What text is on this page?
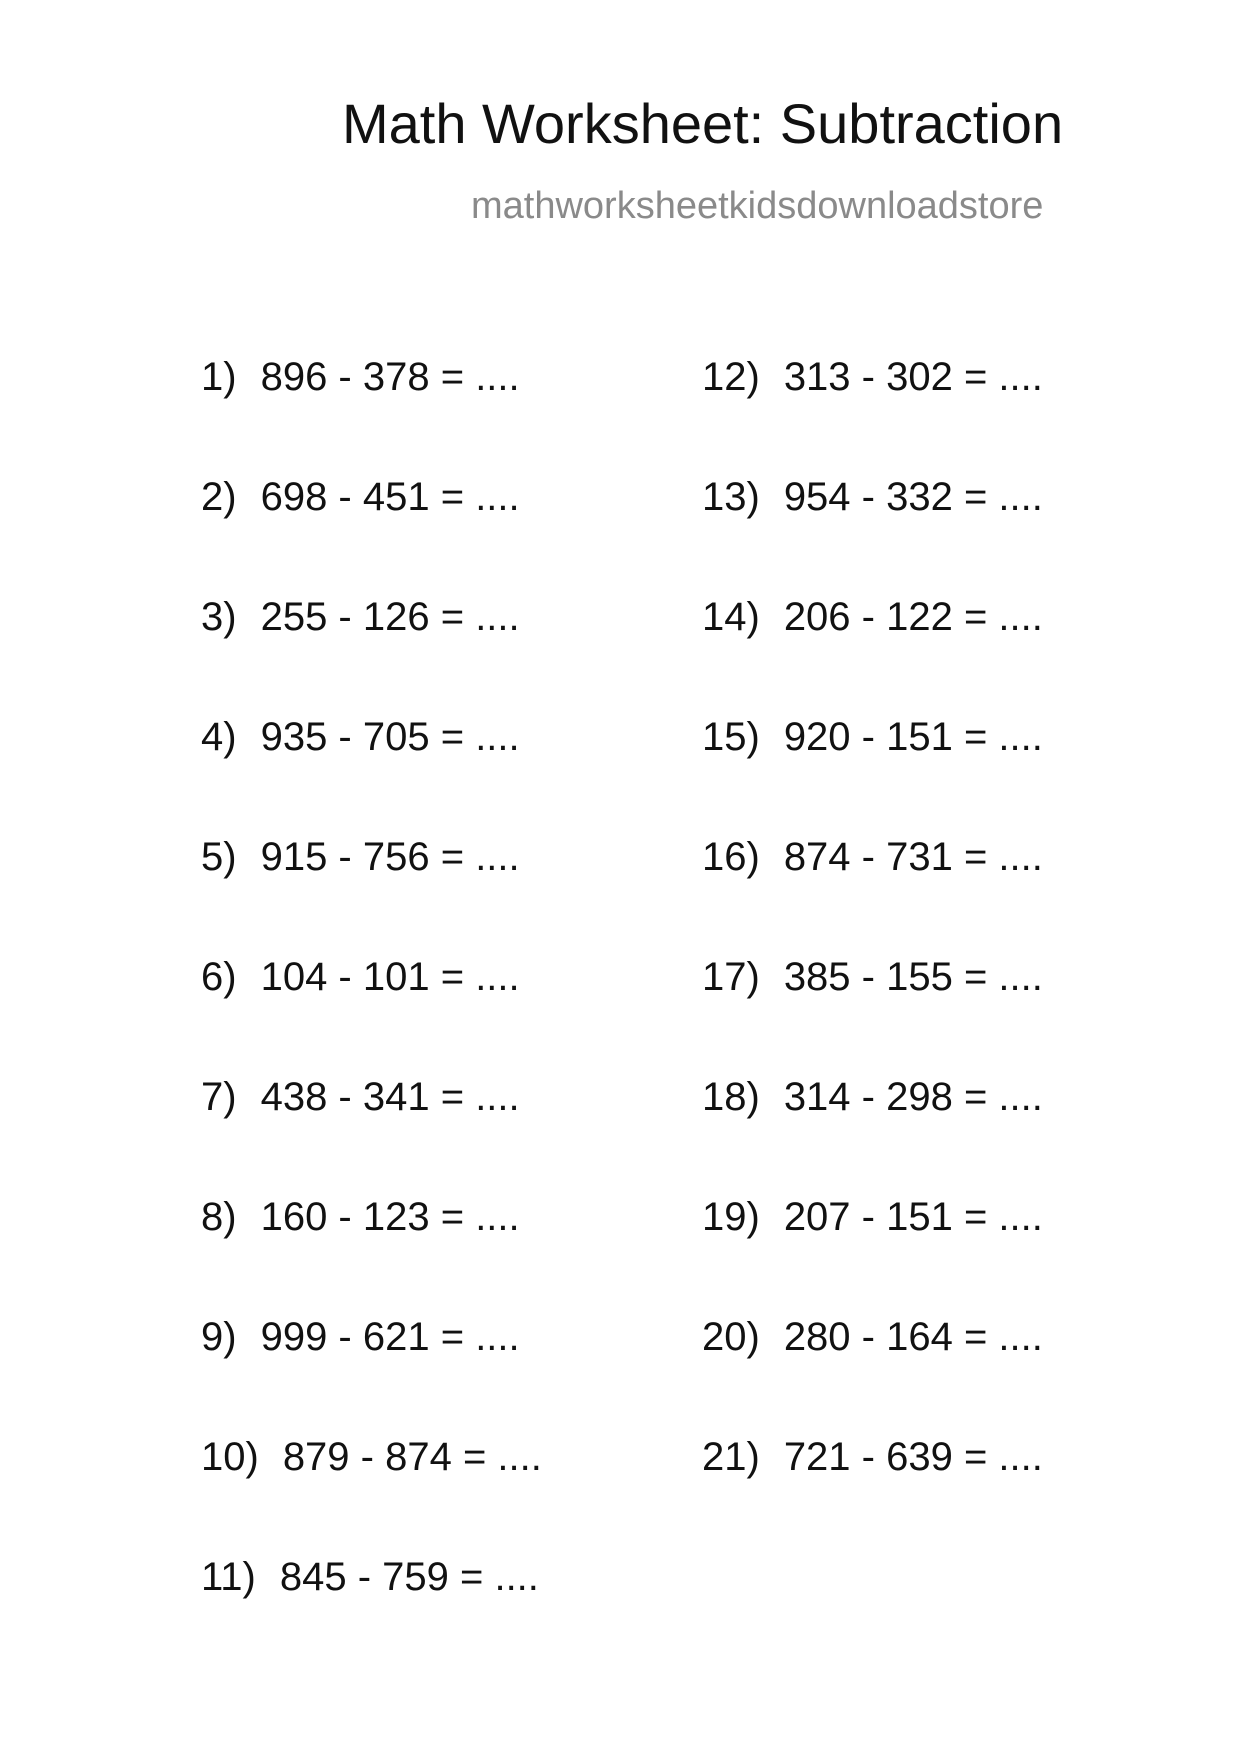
Math Worksheet: Subtraction
mathworksheetkidsdownloadstore
1) 896 - 378 = ....
2) 698 - 451 = ....
3) 255 - 126 = ....
4) 935 - 705 = ....
5) 915 - 756 = ....
6) 104 - 101 = ....
7) 438 - 341 = ....
8) 160 - 123 = ....
9) 999 - 621 = ....
10) 879 - 874 = ....
11) 845 - 759 = ....
12) 313 - 302 = ....
13) 954 - 332 = ....
14) 206 - 122 = ....
15) 920 - 151 = ....
16) 874 - 731 = ....
17) 385 - 155 = ....
18) 314 - 298 = ....
19) 207 - 151 = ....
20) 280 - 164 = ....
21) 721 - 639 = ....
